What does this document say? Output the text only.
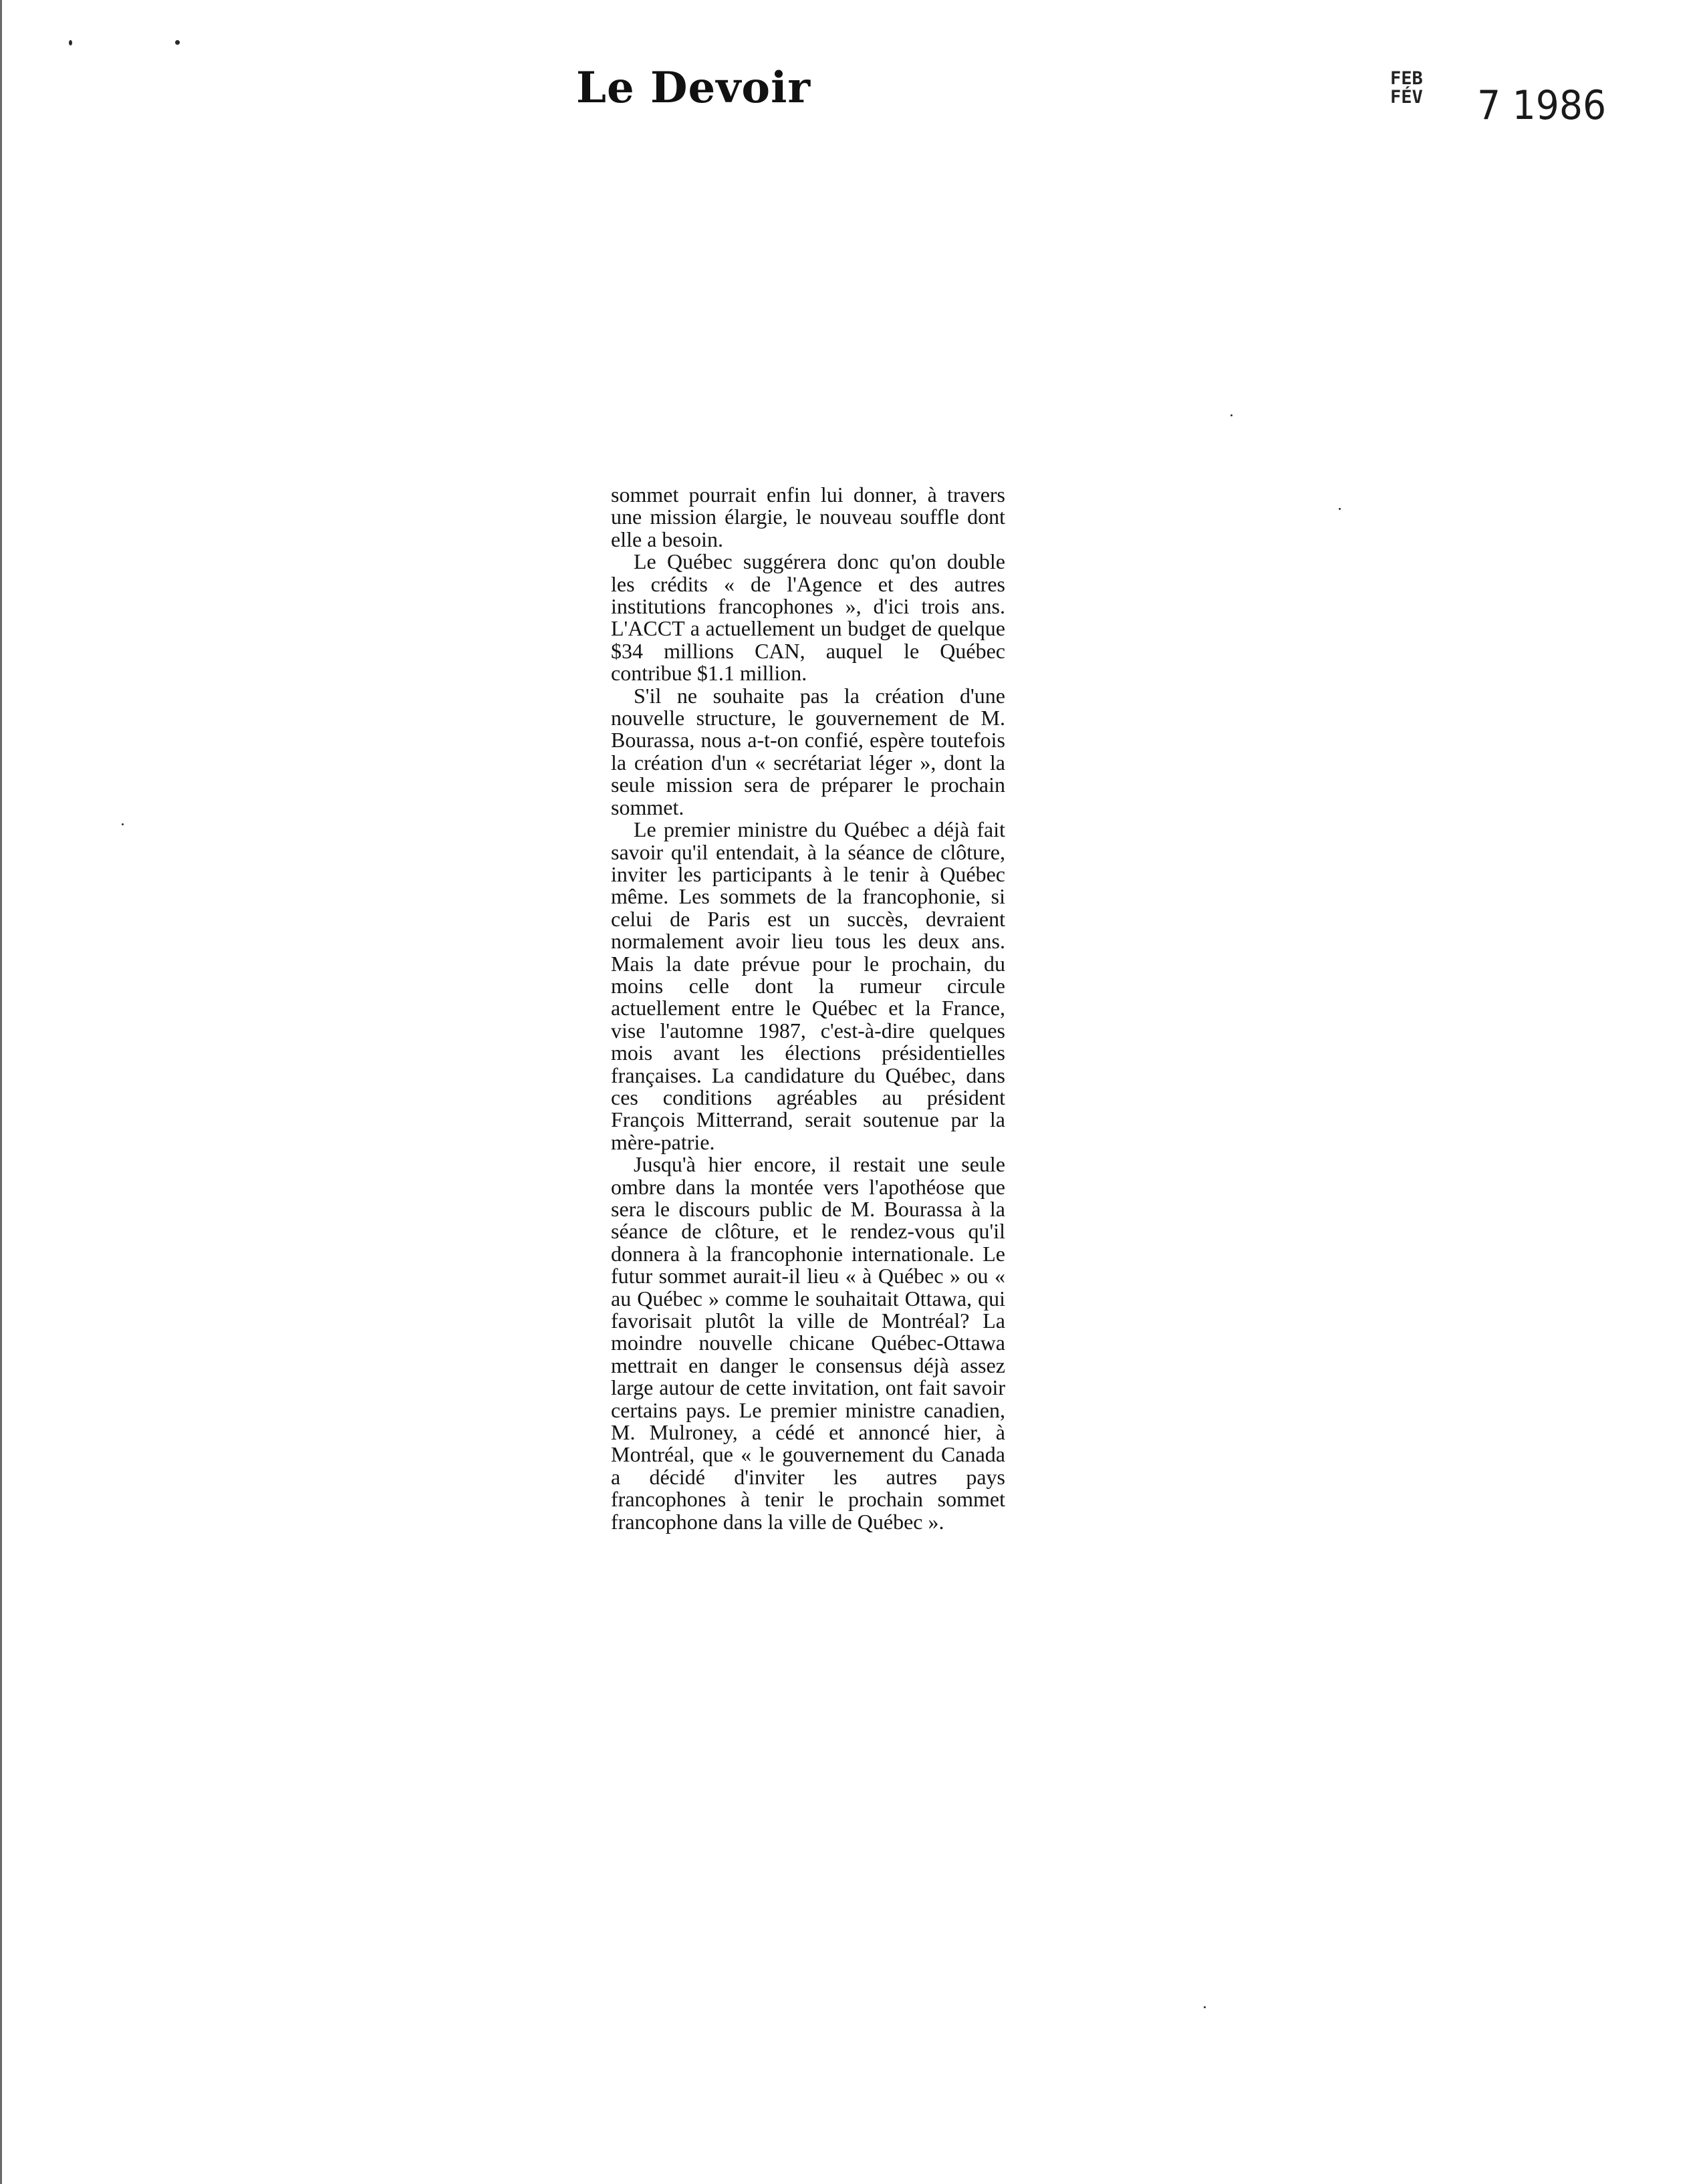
Le Devoir	FEB
FÉV 7 1986

sommet pourrait enfin lui donner, à travers une mission élargie, le nouveau souffle dont elle a besoin.

Le Québec suggérera donc qu'on double les crédits « de l'Agence et des autres institutions francophones », d'ici trois ans. L'ACCT a actuellement un budget de quelque $34 millions CAN, auquel le Québec contribue $1.1 million.

S'il ne souhaite pas la création d'une nouvelle structure, le gouvernement de M. Bourassa, nous a-t-on confié, espère toutefois la création d'un « secrétariat léger », dont la seule mission sera de préparer le prochain sommet.

Le premier ministre du Québec a déjà fait savoir qu'il entendait, à la séance de clôture, inviter les participants à le tenir à Québec même. Les sommets de la francophonie, si celui de Paris est un succès, devraient normalement avoir lieu tous les deux ans. Mais la date prévue pour le prochain, du moins celle dont la rumeur circule actuellement entre le Québec et la France, vise l'automne 1987, c'est-à-dire quelques mois avant les élections présidentielles françaises. La candidature du Québec, dans ces conditions agréables au président François Mitterrand, serait soutenue par la mère-patrie.

Jusqu'à hier encore, il restait une seule ombre dans la montée vers l'apothéose que sera le discours public de M. Bourassa à la séance de clôture, et le rendez-vous qu'il donnera à la francophonie internationale. Le futur sommet aurait-il lieu « à Québec » ou « au Québec » comme le souhaitait Ottawa, qui favorisait plutôt la ville de Montréal? La moindre nouvelle chicane Québec-Ottawa mettrait en danger le consensus déjà assez large autour de cette invitation, ont fait savoir certains pays. Le premier ministre canadien, M. Mulroney, a cédé et annoncé hier, à Montréal, que « le gouvernement du Canada a décidé d'inviter les autres pays francophones à tenir le prochain sommet francophone dans la ville de Québec ».
